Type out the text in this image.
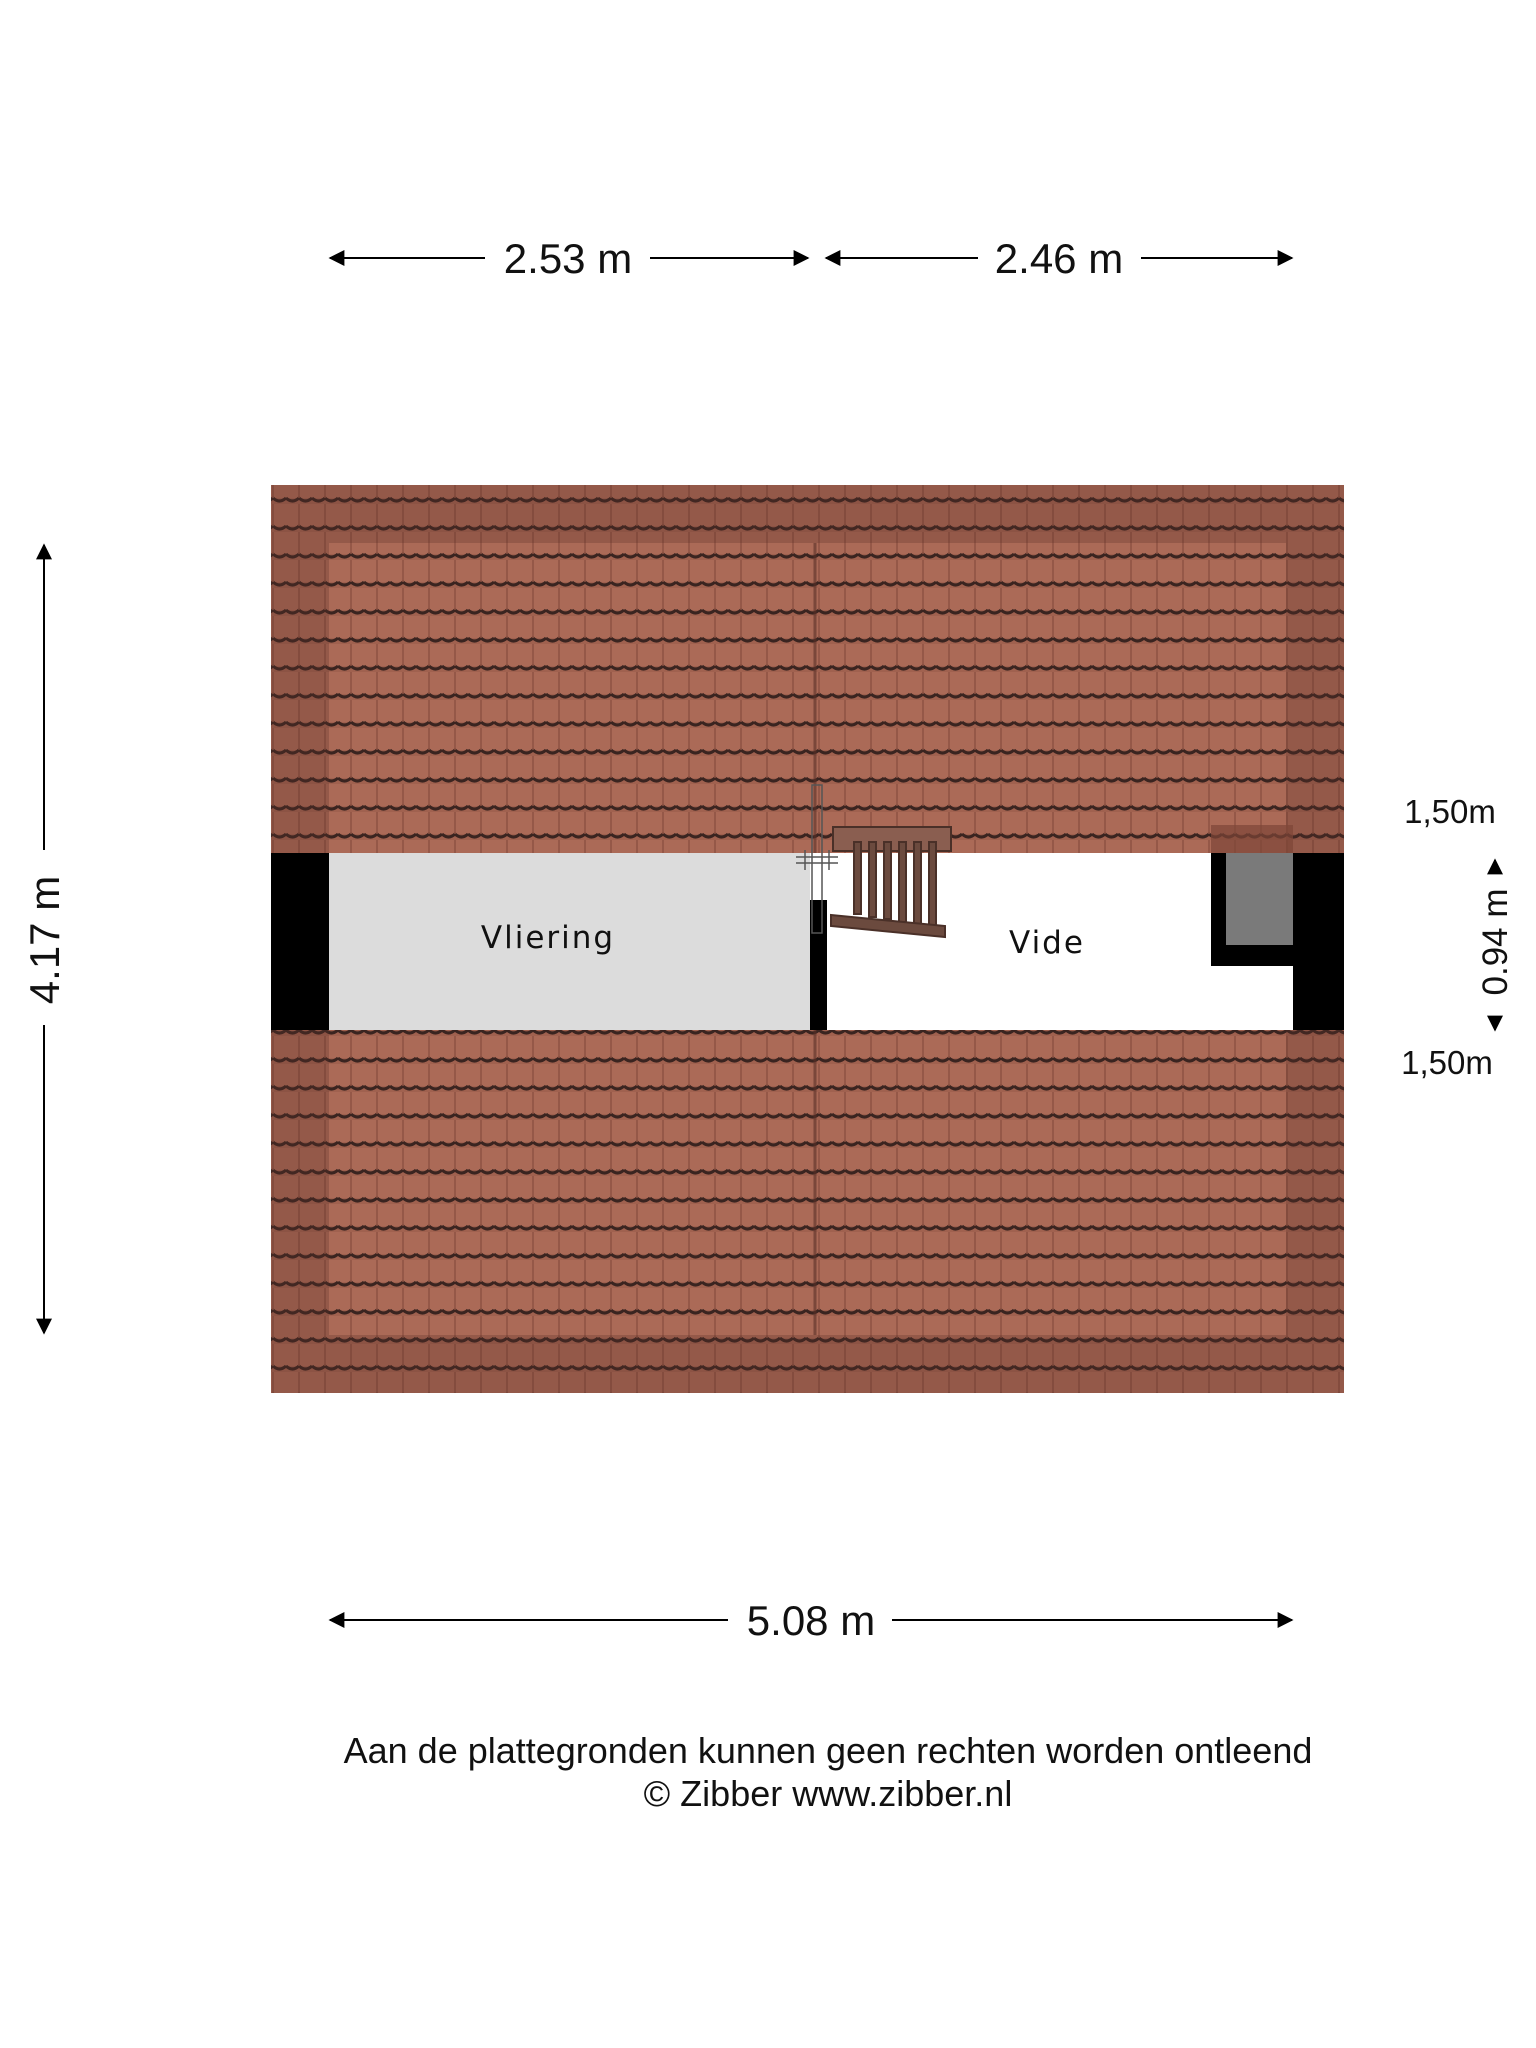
Vliering	Vide
2.53 m	2.46 m
4.17 m
5.08 m
1,50m
0.94 m
1,50m
Aan de plattegronden kunnen geen rechten worden ontleend
© Zibber www.zibber.nl
